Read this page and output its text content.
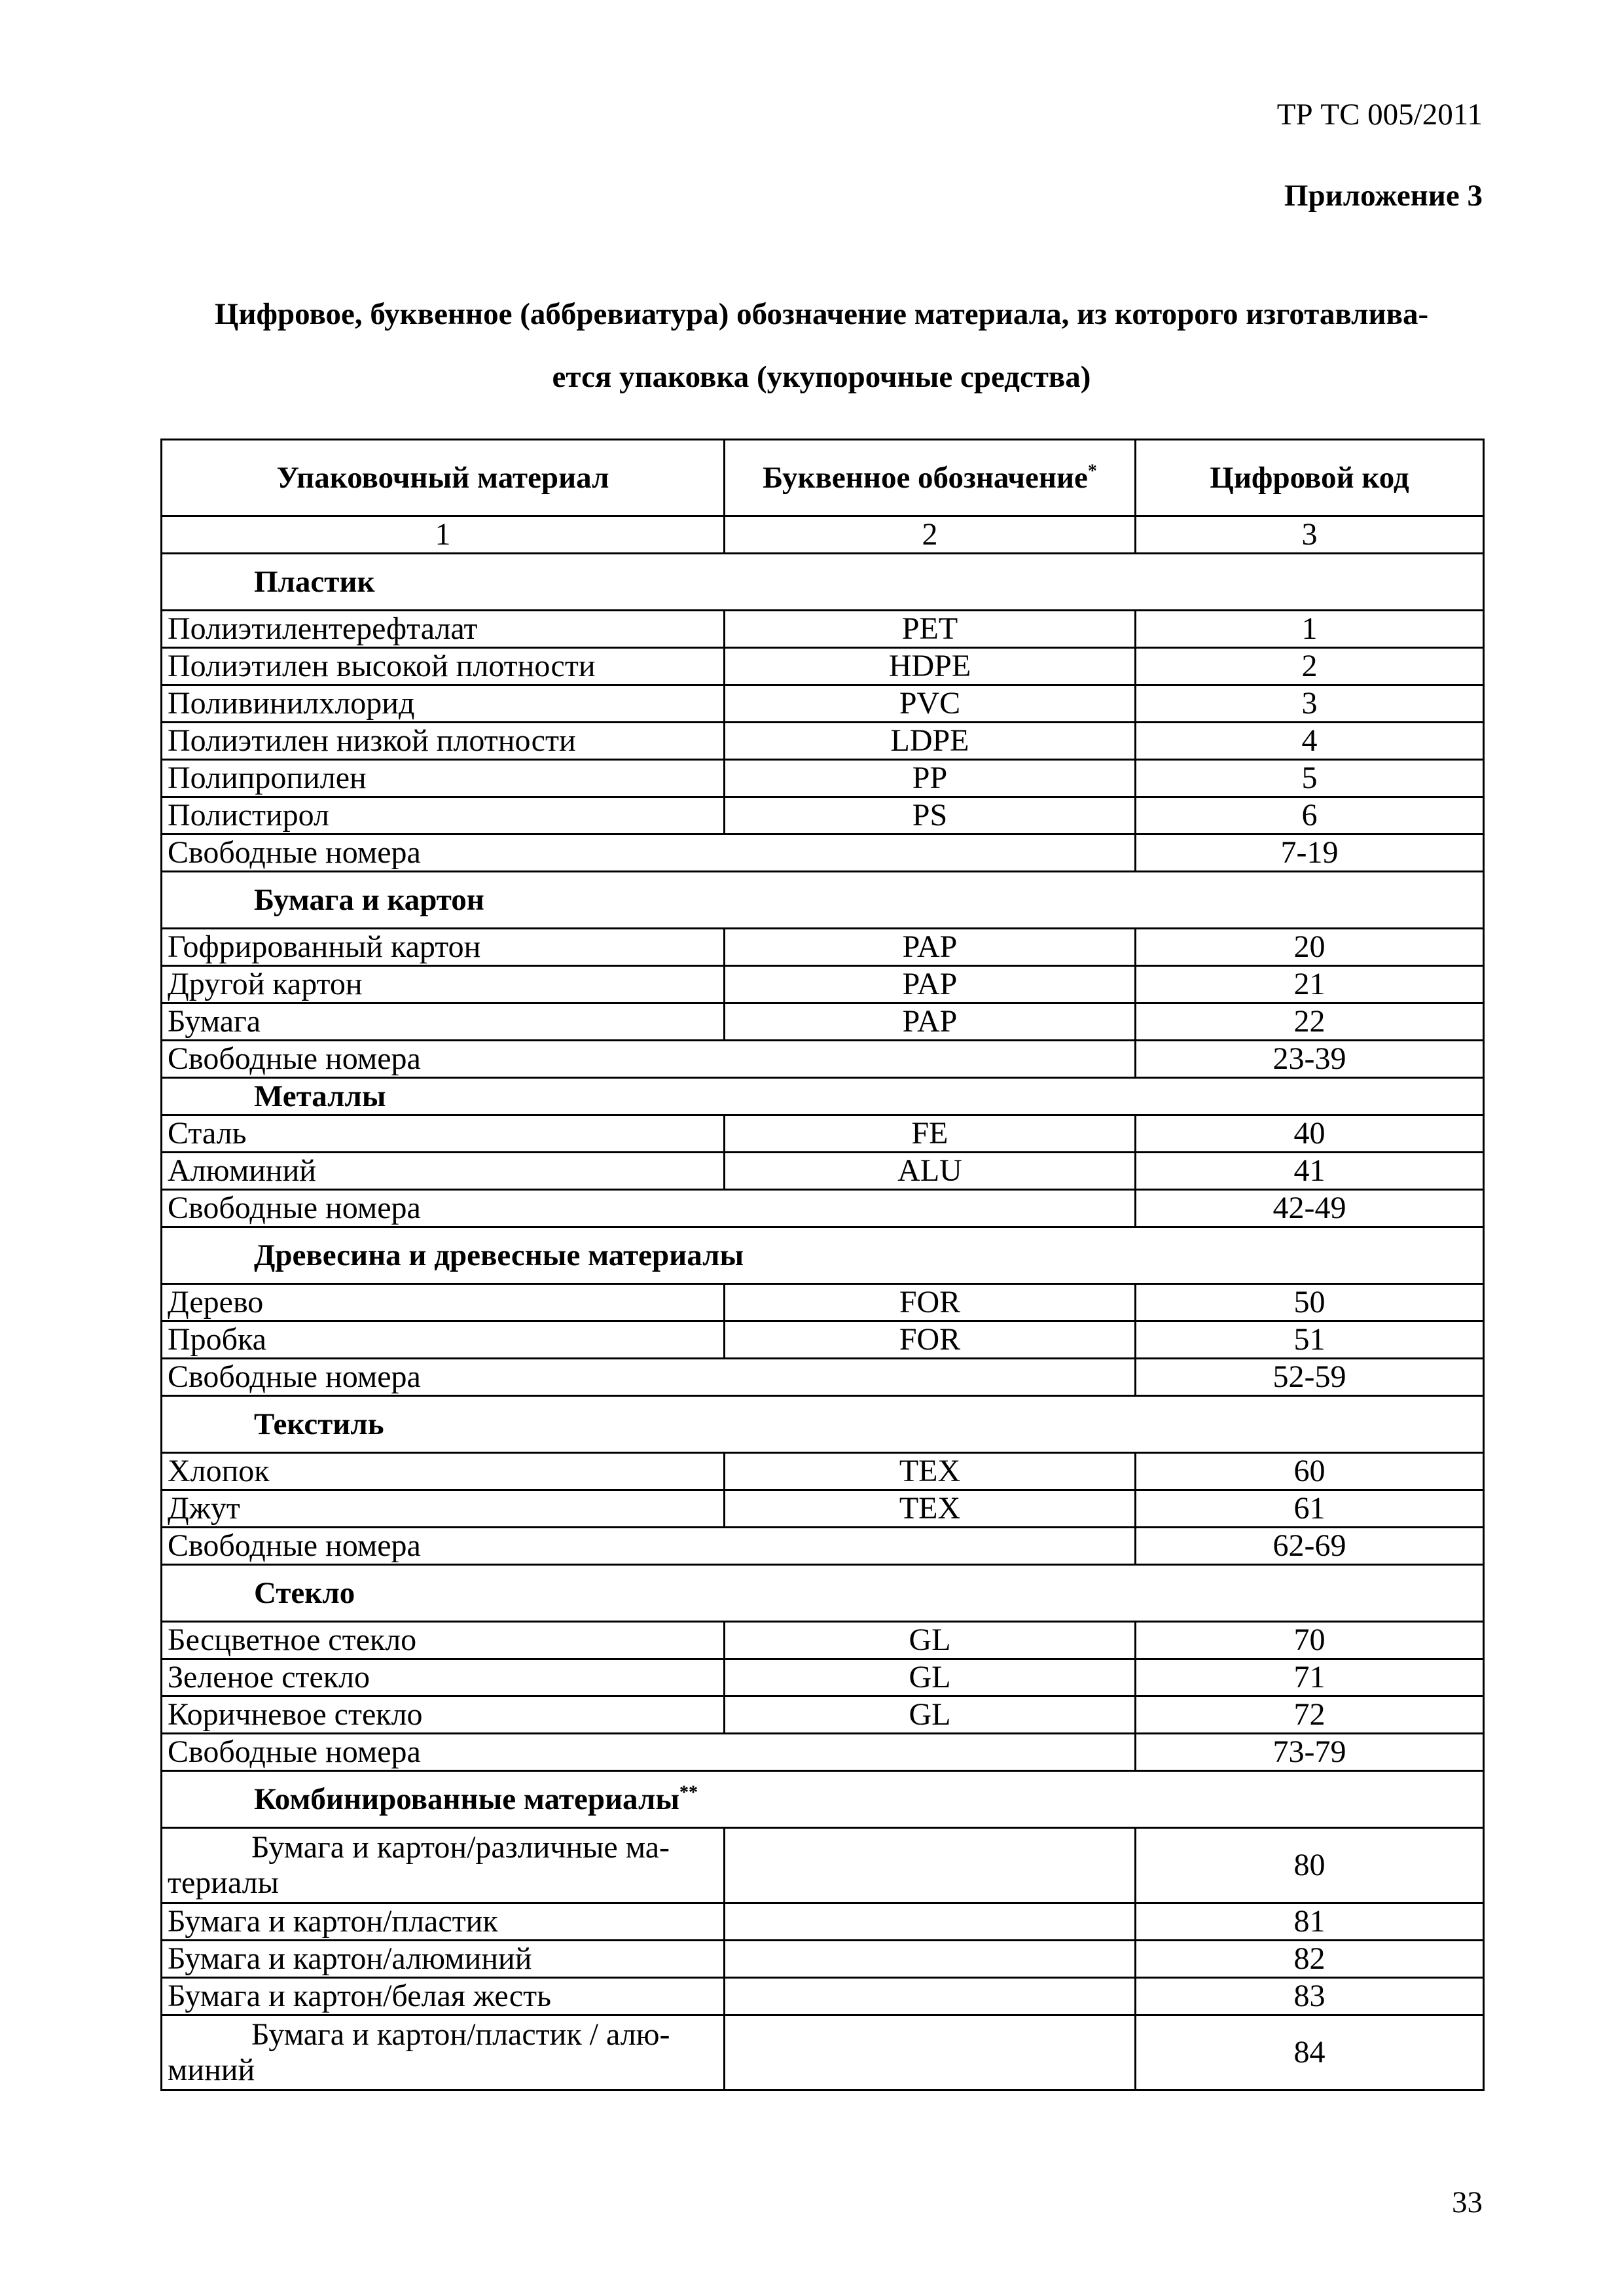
ТР ТС 005/2011
Приложение 3
Цифровое, буквенное (аббревиатура) обозначение материала, из которого изготавлива-
ется упаковка (укупорочные средства)
Упаковочный материал	Буквенное обозначение*	Цифровой код
1	2	3
Пластик		
Полиэтилентерефталат	PET	1
Полиэтилен высокой плотности	HDPE	2
Поливинилхлорид	PVC	3
Полиэтилен низкой плотности	LDPE	4
Полипропилен	PP	5
Полистирол	PS	6
Свободные номера		7-19
Бумага и картон		
Гофрированный картон	PAP	20
Другой картон	PAP	21
Бумага	PAP	22
Свободные номера		23-39
Металлы		
Сталь	FE	40
Алюминий	ALU	41
Свободные номера		42-49
Древесина и древесные материалы		
Дерево	FOR	50
Пробка	FOR	51
Свободные номера		52-59
Текстиль		
Хлопок	TEX	60
Джут	TEX	61
Свободные номера		62-69
Стекло		
Бесцветное стекло	GL	70
Зеленое стекло	GL	71
Коричневое стекло	GL	72
Свободные номера		73-79
Комбинированные материалы**

Бумага и картон/различные ма-
териалы		80
Бумага и картон/пластик		81
Бумага и картон/алюминий		82
Бумага и картон/белая жесть		83

Бумага и картон/пластик / алю-
миний		84
33
